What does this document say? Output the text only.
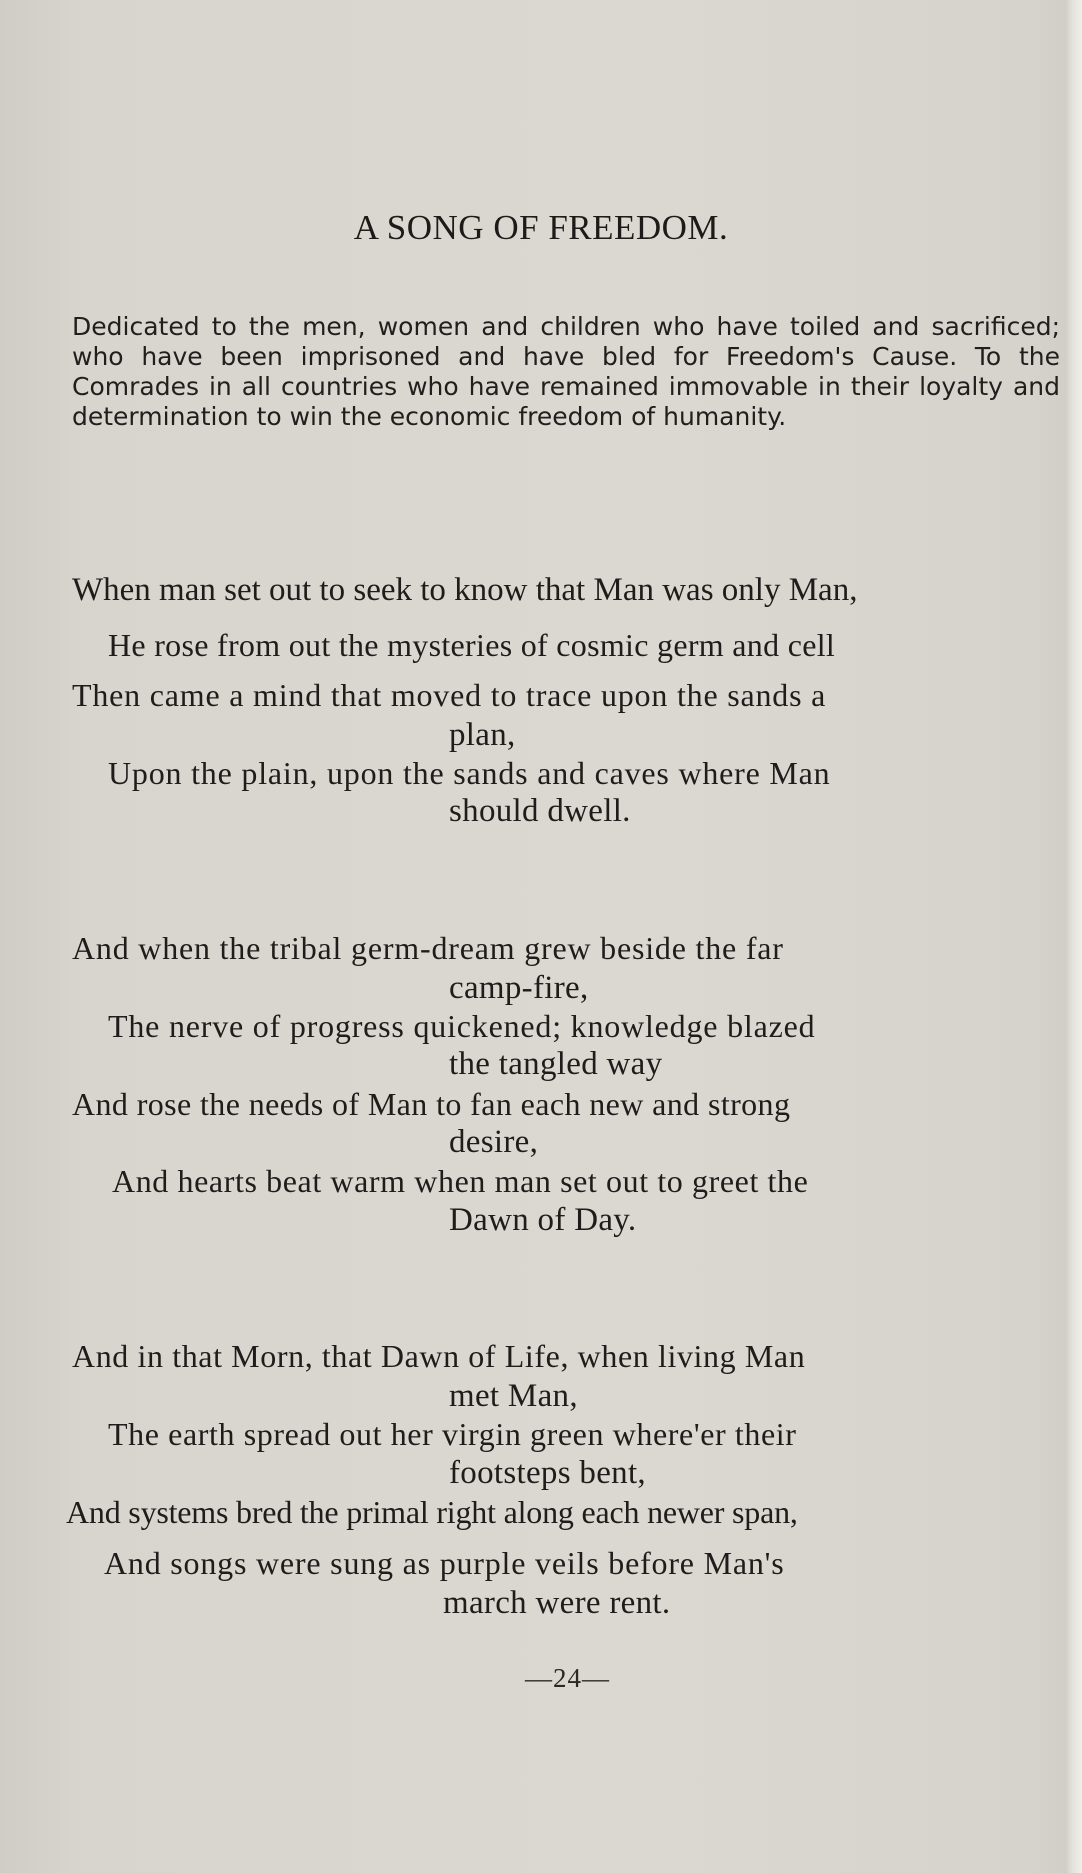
A SONG OF FREEDOM.
Dedicated to the men, women and children who have toiled and sacrificed; who have been imprisoned and have bled for Freedom's Cause. To the Comrades in all countries who have remained immovable in their loyalty and determination to win the economic freedom of humanity.
When man set out to seek to know that Man was only Man,
He rose from out the mysteries of cosmic germ and cell
Then came a mind that moved to trace upon the sands a
plan,
Upon the plain, upon the sands and caves where Man
should dwell.
And when the tribal germ-dream grew beside the far
camp-fire,
The nerve of progress quickened; knowledge blazed
the tangled way
And rose the needs of Man to fan each new and strong
desire,
And hearts beat warm when man set out to greet the
Dawn of Day.
And in that Morn, that Dawn of Life, when living Man
met Man,
The earth spread out her virgin green where'er their
footsteps bent,
And systems bred the primal right along each newer span,
And songs were sung as purple veils before Man's
march were rent.
—24—
